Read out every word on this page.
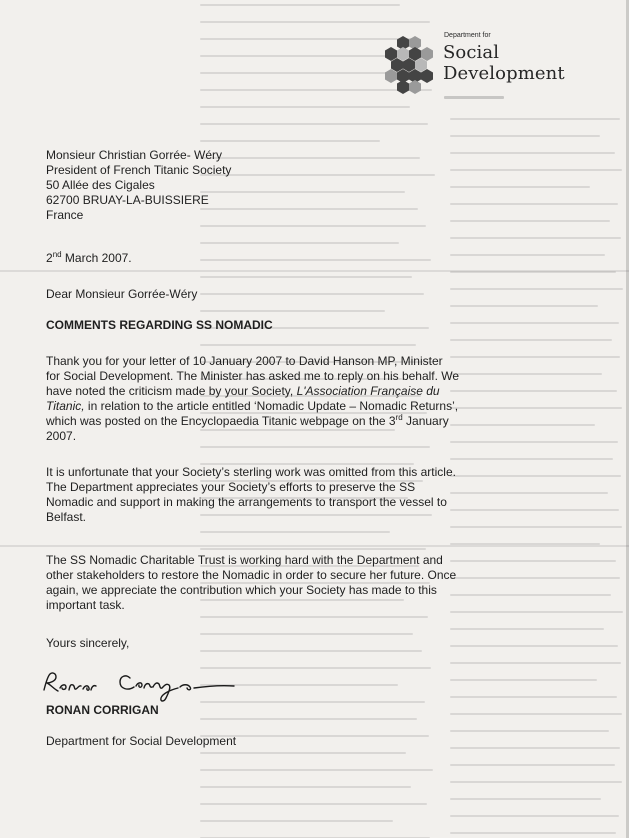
Department for
Social
Development
Monsieur Christian Gorrée- Wéry
President of French Titanic Society
50 Allée des Cigales
62700 BRUAY-LA-BUISSIERE
France
2nd March 2007.
Dear Monsieur Gorrée-Wéry
COMMENTS REGARDING SS NOMADIC
Thank you for your letter of 10 January 2007 to David Hanson MP, Minister
for Social Development. The Minister has asked me to reply on his behalf. We
have noted the criticism made by your Society, L'Association Française du
Titanic, in relation to the article entitled ‘Nomadic Update – Nomadic Returns’,
which was posted on the Encyclopaedia Titanic webpage on the 3rd January
2007.
It is unfortunate that your Society’s sterling work was omitted from this article.
The Department appreciates your Society’s efforts to preserve the SS
Nomadic and support in making the arrangements to transport the vessel to
Belfast.
The SS Nomadic Charitable Trust is working hard with the Department and
other stakeholders to restore the Nomadic in order to secure her future. Once
again, we appreciate the contribution which your Society has made to this
important task.
Yours sincerely,
RONAN CORRIGAN
Department for Social Development
